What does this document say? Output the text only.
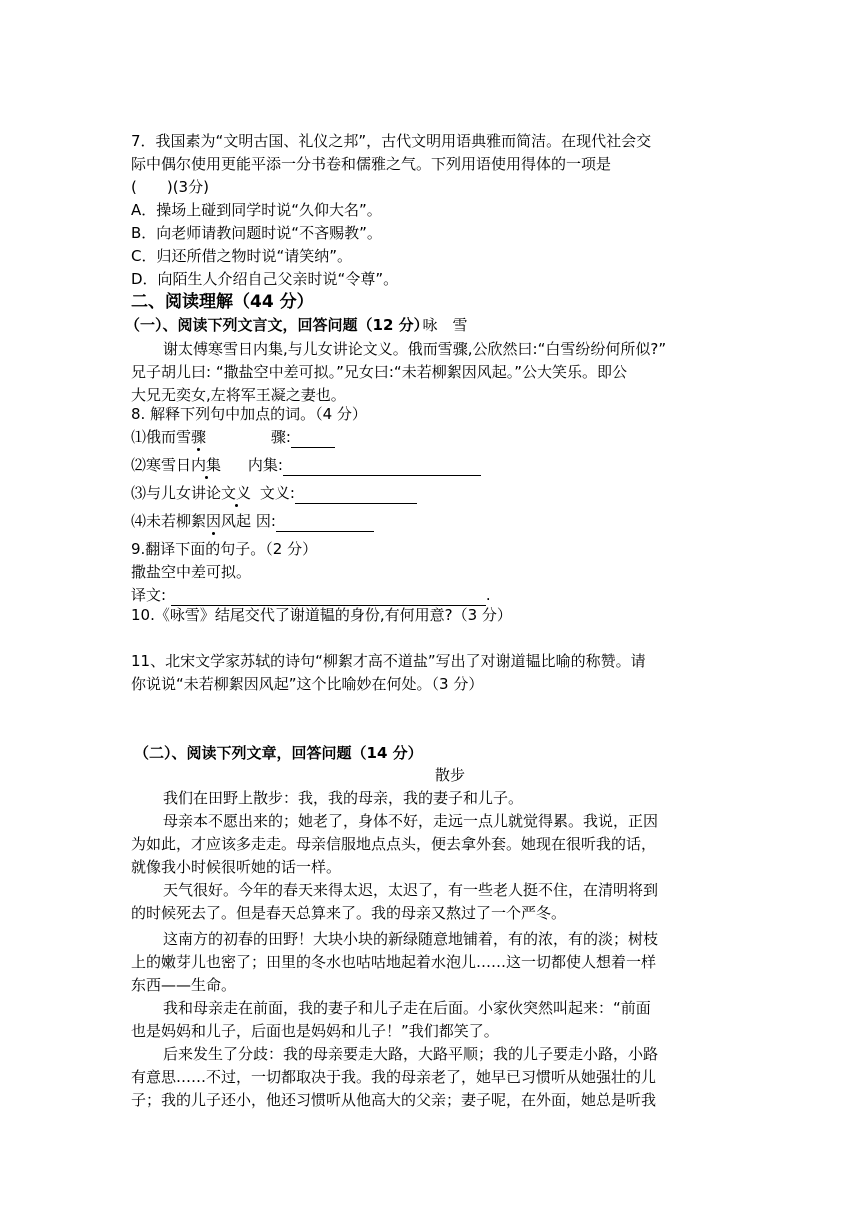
7．我国素为“文明古国、礼仪之邦”，古代文明用语典雅而简洁。在现代社会交
际中偶尔使用更能平添一分书卷和儒雅之气。下列用语使用得体的一项是
(　　)(3分)
A．操场上碰到同学时说“久仰大名”。
B．向老师请教问题时说“不吝赐教”。
C．归还所借之物时说“请笑纳”。
D．向陌生人介绍自己父亲时说“令尊”。
二、阅读理解（44 分）
（一）、阅读下列文言文，回答问题（12 分）
咏　雪
谢太傅寒雪日内集,与儿女讲论文义。俄而雪骤,公欣然曰:“白雪纷纷何所似?”
兄子胡儿曰: “撒盐空中差可拟。”兄女曰:“未若柳絮因风起。”公大笑乐。即公
大兄无奕女,左将军王凝之妻也。
8. 解释下列句中加点的词。（4 分）
⑴俄而雪骤	骤:
⑵寒雪日内集 内集:
⑶与儿女讲论文义 文义:
⑷未若柳絮因风起 因:
9.翻译下面的句子。（2 分）
撒盐空中差可拟。
译文:	.
10.《咏雪》结尾交代了谢道韫的身份,有何用意?（3 分）
11、北宋文学家苏轼的诗句“柳絮才高不道盐”写出了对谢道韫比喻的称赞。请
你说说“未若柳絮因风起”这个比喻妙在何处。（3 分）
（二）、阅读下列文章，回答问题（14 分）
散步
我们在田野上散步：我，我的母亲，我的妻子和儿子。
母亲本不愿出来的；她老了，身体不好，走远一点儿就觉得累。我说，正因
为如此，才应该多走走。母亲信服地点点头，便去拿外套。她现在很听我的话，
就像我小时候很听她的话一样。
天气很好。今年的春天来得太迟，太迟了，有一些老人挺不住，在清明将到
的时候死去了。但是春天总算来了。我的母亲又熬过了一个严冬。
这南方的初春的田野！大块小块的新绿随意地铺着，有的浓，有的淡；树枝
上的嫩芽儿也密了；田里的冬水也咕咕地起着水泡儿……这一切都使人想着一样
东西——生命。
我和母亲走在前面，我的妻子和儿子走在后面。小家伙突然叫起来：“前面
也是妈妈和儿子，后面也是妈妈和儿子！”我们都笑了。
后来发生了分歧：我的母亲要走大路，大路平顺；我的儿子要走小路，小路
有意思……不过，一切都取决于我。我的母亲老了，她早已习惯听从她强壮的儿
子；我的儿子还小，他还习惯听从他高大的父亲；妻子呢，在外面，她总是听我
